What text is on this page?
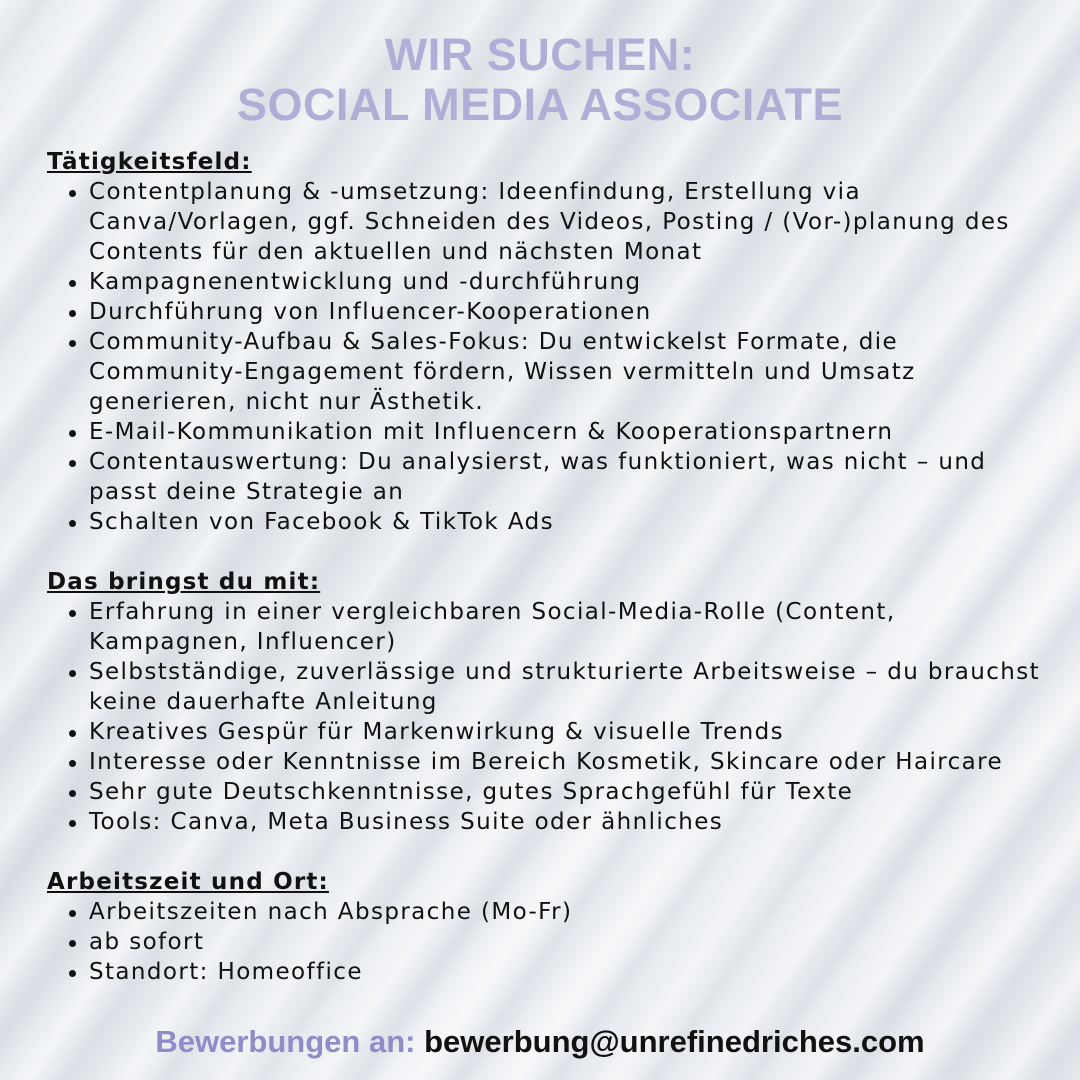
WIR SUCHEN:
SOCIAL MEDIA ASSOCIATE
Tätigkeitsfeld:
Contentplanung & -umsetzung: Ideenfindung, Erstellung via Canva/Vorlagen, ggf. Schneiden des Videos, Posting / (Vor-)planung des Contents für den aktuellen und nächsten Monat
Kampagnenentwicklung und -durchführung
Durchführung von Influencer-Kooperationen
Community-Aufbau & Sales-Fokus: Du entwickelst Formate, die Community-Engagement fördern, Wissen vermitteln und Umsatz generieren, nicht nur Ästhetik.
E-Mail-Kommunikation mit Influencern & Kooperationspartnern
Contentauswertung: Du analysierst, was funktioniert, was nicht – und passt deine Strategie an
Schalten von Facebook & TikTok Ads
Das bringst du mit:
Erfahrung in einer vergleichbaren Social-Media-Rolle (Content, Kampagnen, Influencer)
Selbstständige, zuverlässige und strukturierte Arbeitsweise – du brauchst keine dauerhafte Anleitung
Kreatives Gespür für Markenwirkung & visuelle Trends
Interesse oder Kenntnisse im Bereich Kosmetik, Skincare oder Haircare
Sehr gute Deutschkenntnisse, gutes Sprachgefühl für Texte
Tools: Canva, Meta Business Suite oder ähnliches
Arbeitszeit und Ort:
Arbeitszeiten nach Absprache (Mo-Fr)
ab sofort
Standort: Homeoffice
Bewerbungen an: bewerbung@unrefinedriches.com
